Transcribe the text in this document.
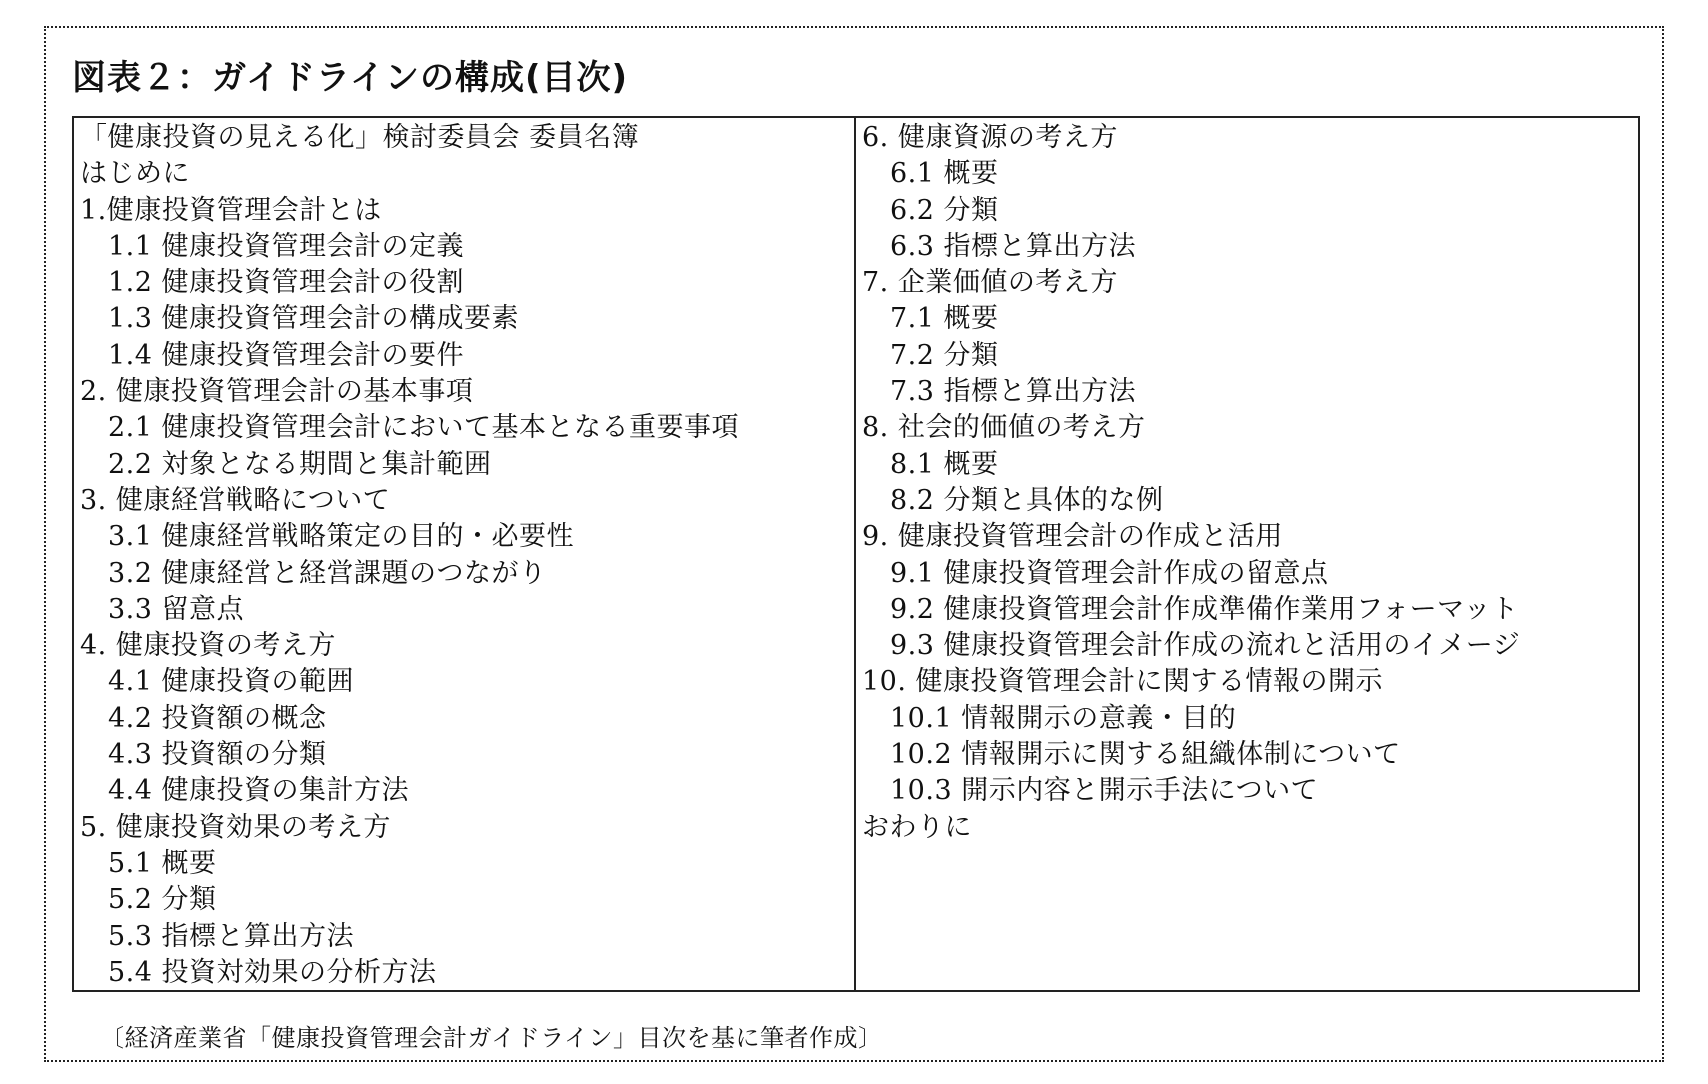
図表２：ガイドラインの構成(目次)
「健康投資の見える化」検討委員会 委員名簿
はじめに
1.健康投資管理会計とは
1.1 健康投資管理会計の定義
1.2 健康投資管理会計の役割
1.3 健康投資管理会計の構成要素
1.4 健康投資管理会計の要件
2. 健康投資管理会計の基本事項
2.1 健康投資管理会計において基本となる重要事項
2.2 対象となる期間と集計範囲
3. 健康経営戦略について
3.1 健康経営戦略策定の目的・必要性
3.2 健康経営と経営課題のつながり
3.3 留意点
4. 健康投資の考え方
4.1 健康投資の範囲
4.2 投資額の概念
4.3 投資額の分類
4.4 健康投資の集計方法
5. 健康投資効果の考え方
5.1 概要
5.2 分類
5.3 指標と算出方法
5.4 投資対効果の分析方法
6. 健康資源の考え方
6.1 概要
6.2 分類
6.3 指標と算出方法
7. 企業価値の考え方
7.1 概要
7.2 分類
7.3 指標と算出方法
8. 社会的価値の考え方
8.1 概要
8.2 分類と具体的な例
9. 健康投資管理会計の作成と活用
9.1 健康投資管理会計作成の留意点
9.2 健康投資管理会計作成準備作業用フォーマット
9.3 健康投資管理会計作成の流れと活用のイメージ
10. 健康投資管理会計に関する情報の開示
10.1 情報開示の意義・目的
10.2 情報開示に関する組織体制について
10.3 開示内容と開示手法について
おわりに
〔経済産業省「健康投資管理会計ガイドライン」目次を基に筆者作成〕
